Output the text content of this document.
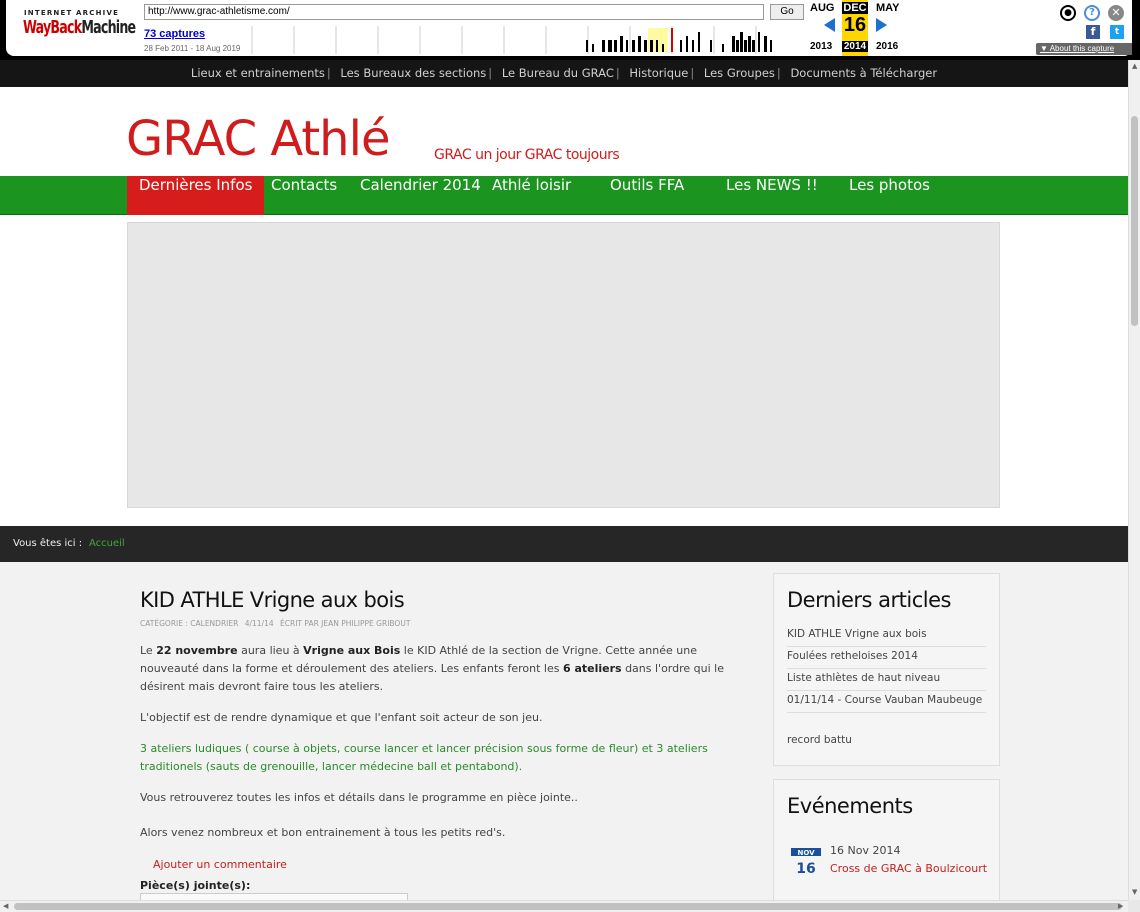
INTERNET ARCHIVE
WayBackMachine
http://www.grac-athletisme.com/	Go
73 captures
28 Feb 2011 - 18 Aug 2019
AUG	MAY
2013	2016
DEC
16
2014
●	?	✕
f	t
▼ About this capture
Lieux et entrainements | Les Bureaux des sections | Le Bureau du GRAC | Historique | Les Groupes | Documents à Télécharger
GRAC Athlé	GRAC un jour GRAC toujours
Dernières Infos	Contacts	Calendrier 2014 Athlé loisir	Outils FFA	Les NEWS !!	Les photos
Vous êtes ici : Accueil
KID ATHLE Vrigne aux bois
CATÉGORIE : CALENDRIER 4/11/14 ÉCRIT PAR JEAN PHILIPPE GRIBOUT
Le 22 novembre aura lieu à Vrigne aux Bois le KID Athlé de la section de Vrigne. Cette année une nouveauté dans la forme et déroulement des ateliers. Les enfants feront les 6 ateliers dans l'ordre qui le désirent mais devront faire tous les ateliers.
L'objectif est de rendre dynamique et que l'enfant soit acteur de son jeu.
3 ateliers ludiques ( course à objets, course lancer et lancer précision sous forme de fleur) et 3 ateliers traditionels (sauts de grenouille, lancer médecine ball et pentabond).
Vous retrouverez toutes les infos et détails dans le programme en pièce jointe..
Alors venez nombreux et bon entrainement à tous les petits red's.
Ajouter un commentaire
Pièce(s) jointe(s):
Derniers articles
KID ATHLE Vrigne aux bois
Foulées retheloises 2014
Liste athlètes de haut niveau
01/11/14 - Course Vauban Maubeuge
record battu
Evénements
NOV
16
16 Nov 2014
Cross de GRAC à Boulzicourt
▲
▼
◀	▶
